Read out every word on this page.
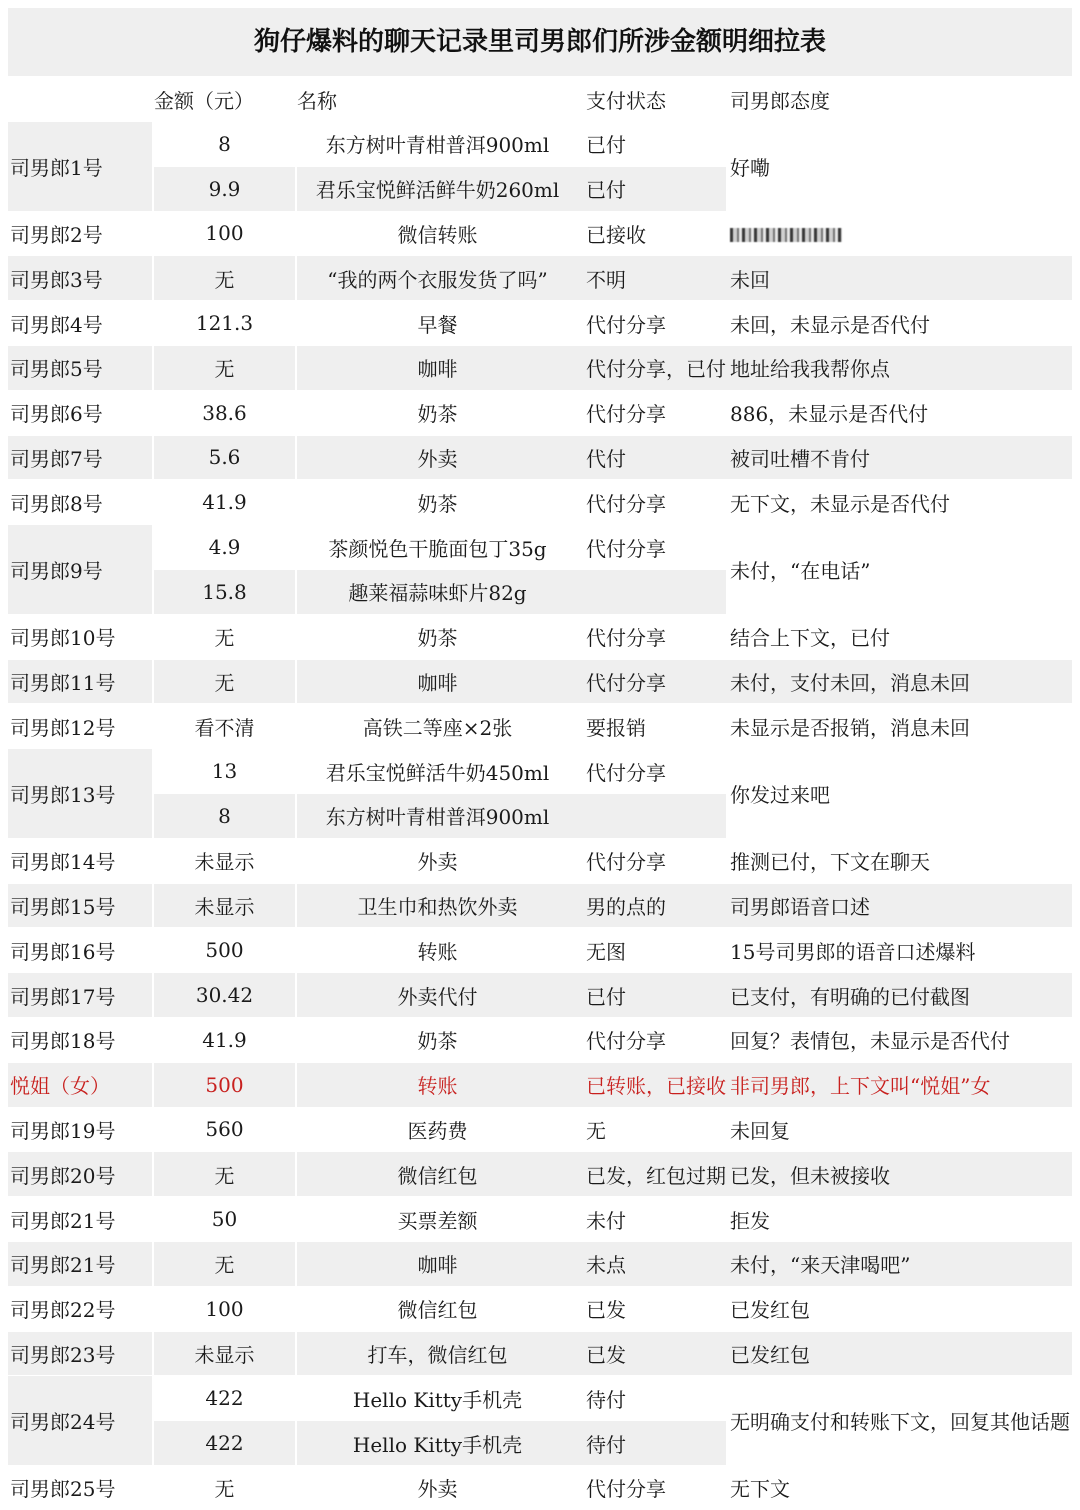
狗仔爆料的聊天记录里司男郎们所涉金额明细拉表
	金额（元）	名称	支付状态	司男郎态度
司男郎1号	8	东方树叶青柑普洱900ml	已付	好嘞
	9.9	君乐宝悦鲜活鲜牛奶260ml	已付	
司男郎2号	100	微信转账	已接收	
司男郎3号	无	“我的两个衣服发货了吗”	不明	未回
司男郎4号	121.3	早餐	代付分享	未回，未显示是否代付
司男郎5号	无	咖啡	代付分享，已付	地址给我我帮你点
司男郎6号	38.6	奶茶	代付分享	886，未显示是否代付
司男郎7号	5.6	外卖	代付	被司吐槽不肯付
司男郎8号	41.9	奶茶	代付分享	无下文，未显示是否代付
司男郎9号	4.9	茶颜悦色干脆面包丁35g	代付分享	未付，“在电话”
	15.8	趣莱福蒜味虾片82g		
司男郎10号	无	奶茶	代付分享	结合上下文，已付
司男郎11号	无	咖啡	代付分享	未付，支付未回，消息未回
司男郎12号	看不清	高铁二等座×2张	要报销	未显示是否报销，消息未回
司男郎13号	13	君乐宝悦鲜活牛奶450ml	代付分享	你发过来吧
	8	东方树叶青柑普洱900ml		
司男郎14号	未显示	外卖	代付分享	推测已付，下文在聊天
司男郎15号	未显示	卫生巾和热饮外卖	男的点的	司男郎语音口述
司男郎16号	500	转账	无图	15号司男郎的语音口述爆料
司男郎17号	30.42	外卖代付	已付	已支付，有明确的已付截图
司男郎18号	41.9	奶茶	代付分享	回复？表情包，未显示是否代付
悦姐（女）	500	转账	已转账，已接收	非司男郎，上下文叫“悦姐”女
司男郎19号	560	医药费	无	未回复
司男郎20号	无	微信红包	已发，红包过期	已发，但未被接收
司男郎21号	50	买票差额	未付	拒发
司男郎21号	无	咖啡	未点	未付，“来天津喝吧”
司男郎22号	100	微信红包	已发	已发红包
司男郎23号	未显示	打车，微信红包	已发	已发红包
司男郎24号	422	Hello Kitty手机壳	待付	无明确支付和转账下文，回复其他话题
	422	Hello Kitty手机壳	待付	
司男郎25号	无	外卖	代付分享	无下文
